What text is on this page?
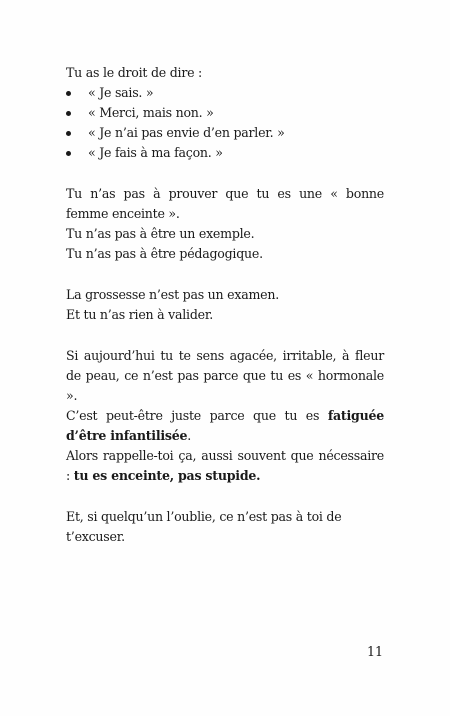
Tu as le droit de dire :

« Je sais. »
« Merci, mais non. »
« Je n’ai pas envie d’en parler. »
« Je fais à ma façon. »

Tu n’as pas à prouver que tu es une « bonne femme enceinte ».

Tu n’as pas à être un exemple.

Tu n’as pas à être pédagogique.

La grossesse n’est pas un examen.

Et tu n’as rien à valider.

Si aujourd’hui tu te sens agacée, irritable, à fleur de peau, ce n’est pas parce que tu es « hormonale ».

C’est peut-être juste parce que tu es fatiguée d’être infantilisée.

Alors rappelle-toi ça, aussi souvent que nécessaire : tu es enceinte, pas stupide.

Et, si quelqu’un l’oublie, ce n’est pas à toi de t’excuser.

11
